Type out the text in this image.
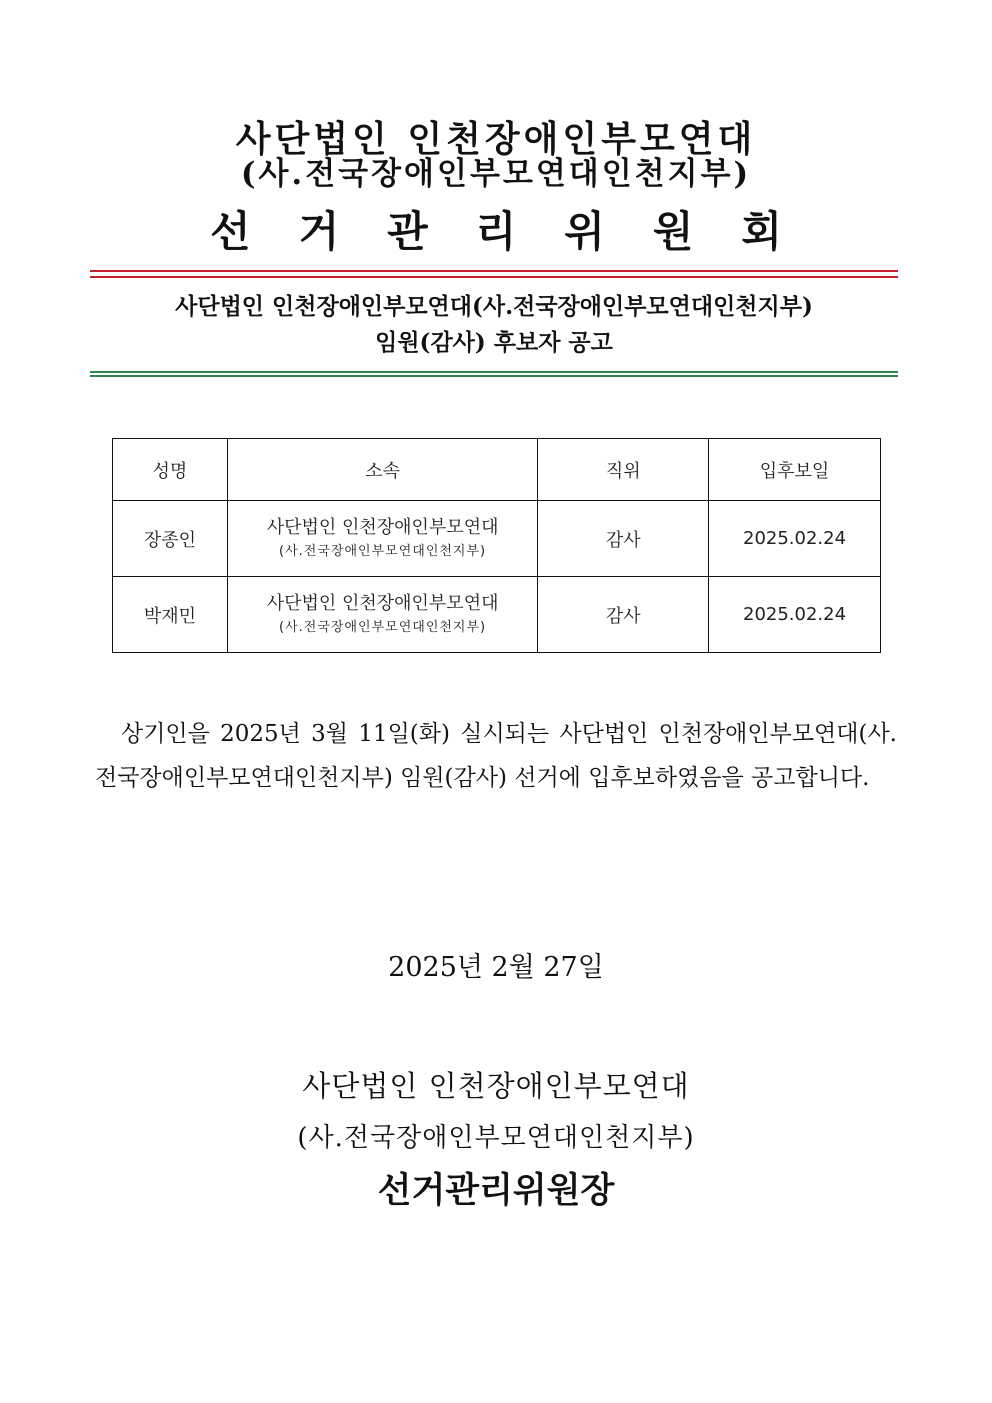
사단법인 인천장애인부모연대
(사.전국장애인부모연대인천지부)
선 거 관 리 위 원 회
사단법인 인천장애인부모연대(사.전국장애인부모연대인천지부)
임원(감사) 후보자 공고
성명	소속	직위	입후보일
장종인	사단법인 인천장애인부모연대
(사.전국장애인부모연대인천지부)	감사	2025.02.24
박재민	사단법인 인천장애인부모연대
(사.전국장애인부모연대인천지부)	감사	2025.02.24

상기인을 2025년 3월 11일(화) 실시되는 사단법인 인천장애인부모연대(사.전국장애인부모연대인천지부) 임원(감사) 선거에 입후보하였음을 공고합니다.

2025년 2월 27일
사단법인 인천장애인부모연대
(사.전국장애인부모연대인천지부)
선거관리위원장
